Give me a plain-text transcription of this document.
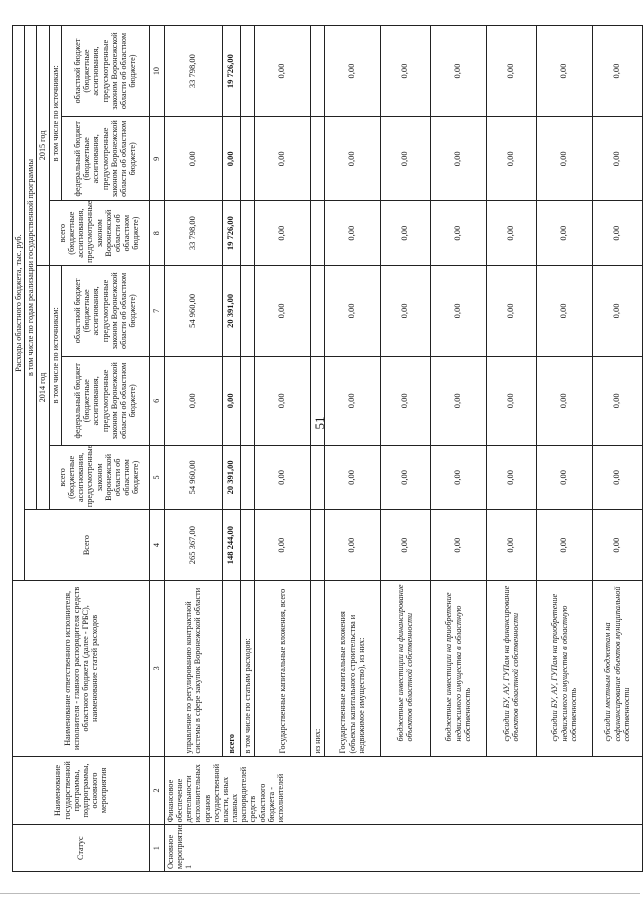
51
Статус	Наименование государственной программы, подпрограммы, основного мероприятия	Наименование ответственного исполнителя, исполнителя - главного распорядителя средств областного бюджета (далее - ГРБС), наименование статей расходов	Расходы областного бюджета, тыс. руб.						
			Всего	в том числе по годам реализации государственной программы					
				2014 год			2015 год		
				всего (бюджетные ассигнования, предусмотренные законом Воронежской области об областном бюджете)	в том числе по источникам:		всего (бюджетные ассигнования, предусмотренные законом Воронежской области об областном бюджете)	в том числе по источникам:	
					федеральный бюджет (бюджетные ассигнования, предусмотренные законом Воронежской области об областном бюджете)	областной бюджет (бюджетные ассигнования, предусмотренные законом Воронежской области об областном бюджете)		федеральный бюджет (бюджетные ассигнования, предусмотренные законом Воронежской области об областном бюджете)	областной бюджет (бюджетные ассигнования, предусмотренные законом Воронежской области об областном бюджете)
1	2	3	4	5	6	7	8	9	10
Основное мероприятие 1	Финансовое обеспечение деятельности исполнительных органов государственной власти, иных главных распорядителей средств областного бюджета - исполнителей	управление по регулированию контрактной системы в сфере закупок Воронежской области	265 367,00	54 960,00	0,00	54 960,00	33 798,00	0,00	33 798,00
		всего	148 244,00	20 391,00	0,00	20 391,00	19 726,00	0,00	19 726,00
		в том числе по статьям расходов:							
		Государственные капитальные вложения, всего	0,00	0,00	0,00	0,00	0,00	0,00	0,00
		из них:							
		Государственные капитальные вложения (объекты капитального строительства и недвижимое имущество), из них:	0,00	0,00	0,00	0,00	0,00	0,00	0,00
		бюджетные инвестиции на финансирование объектов областной собственности	0,00	0,00	0,00	0,00	0,00	0,00	0,00
		бюджетные инвестиции на приобретение недвижимого имущества в областную собственность	0,00	0,00	0,00	0,00	0,00	0,00	0,00
		субсидии БУ, АУ, ГУПам на финансирование объектов областной собственности	0,00	0,00	0,00	0,00	0,00	0,00	0,00
		субсидии БУ, АУ, ГУПам на приобретение недвижимого имущества в областную собственность	0,00	0,00	0,00	0,00	0,00	0,00	0,00
		субсидии местным бюджетам на софинансирование объектов муниципальной собственности	0,00	0,00	0,00	0,00	0,00	0,00	0,00
